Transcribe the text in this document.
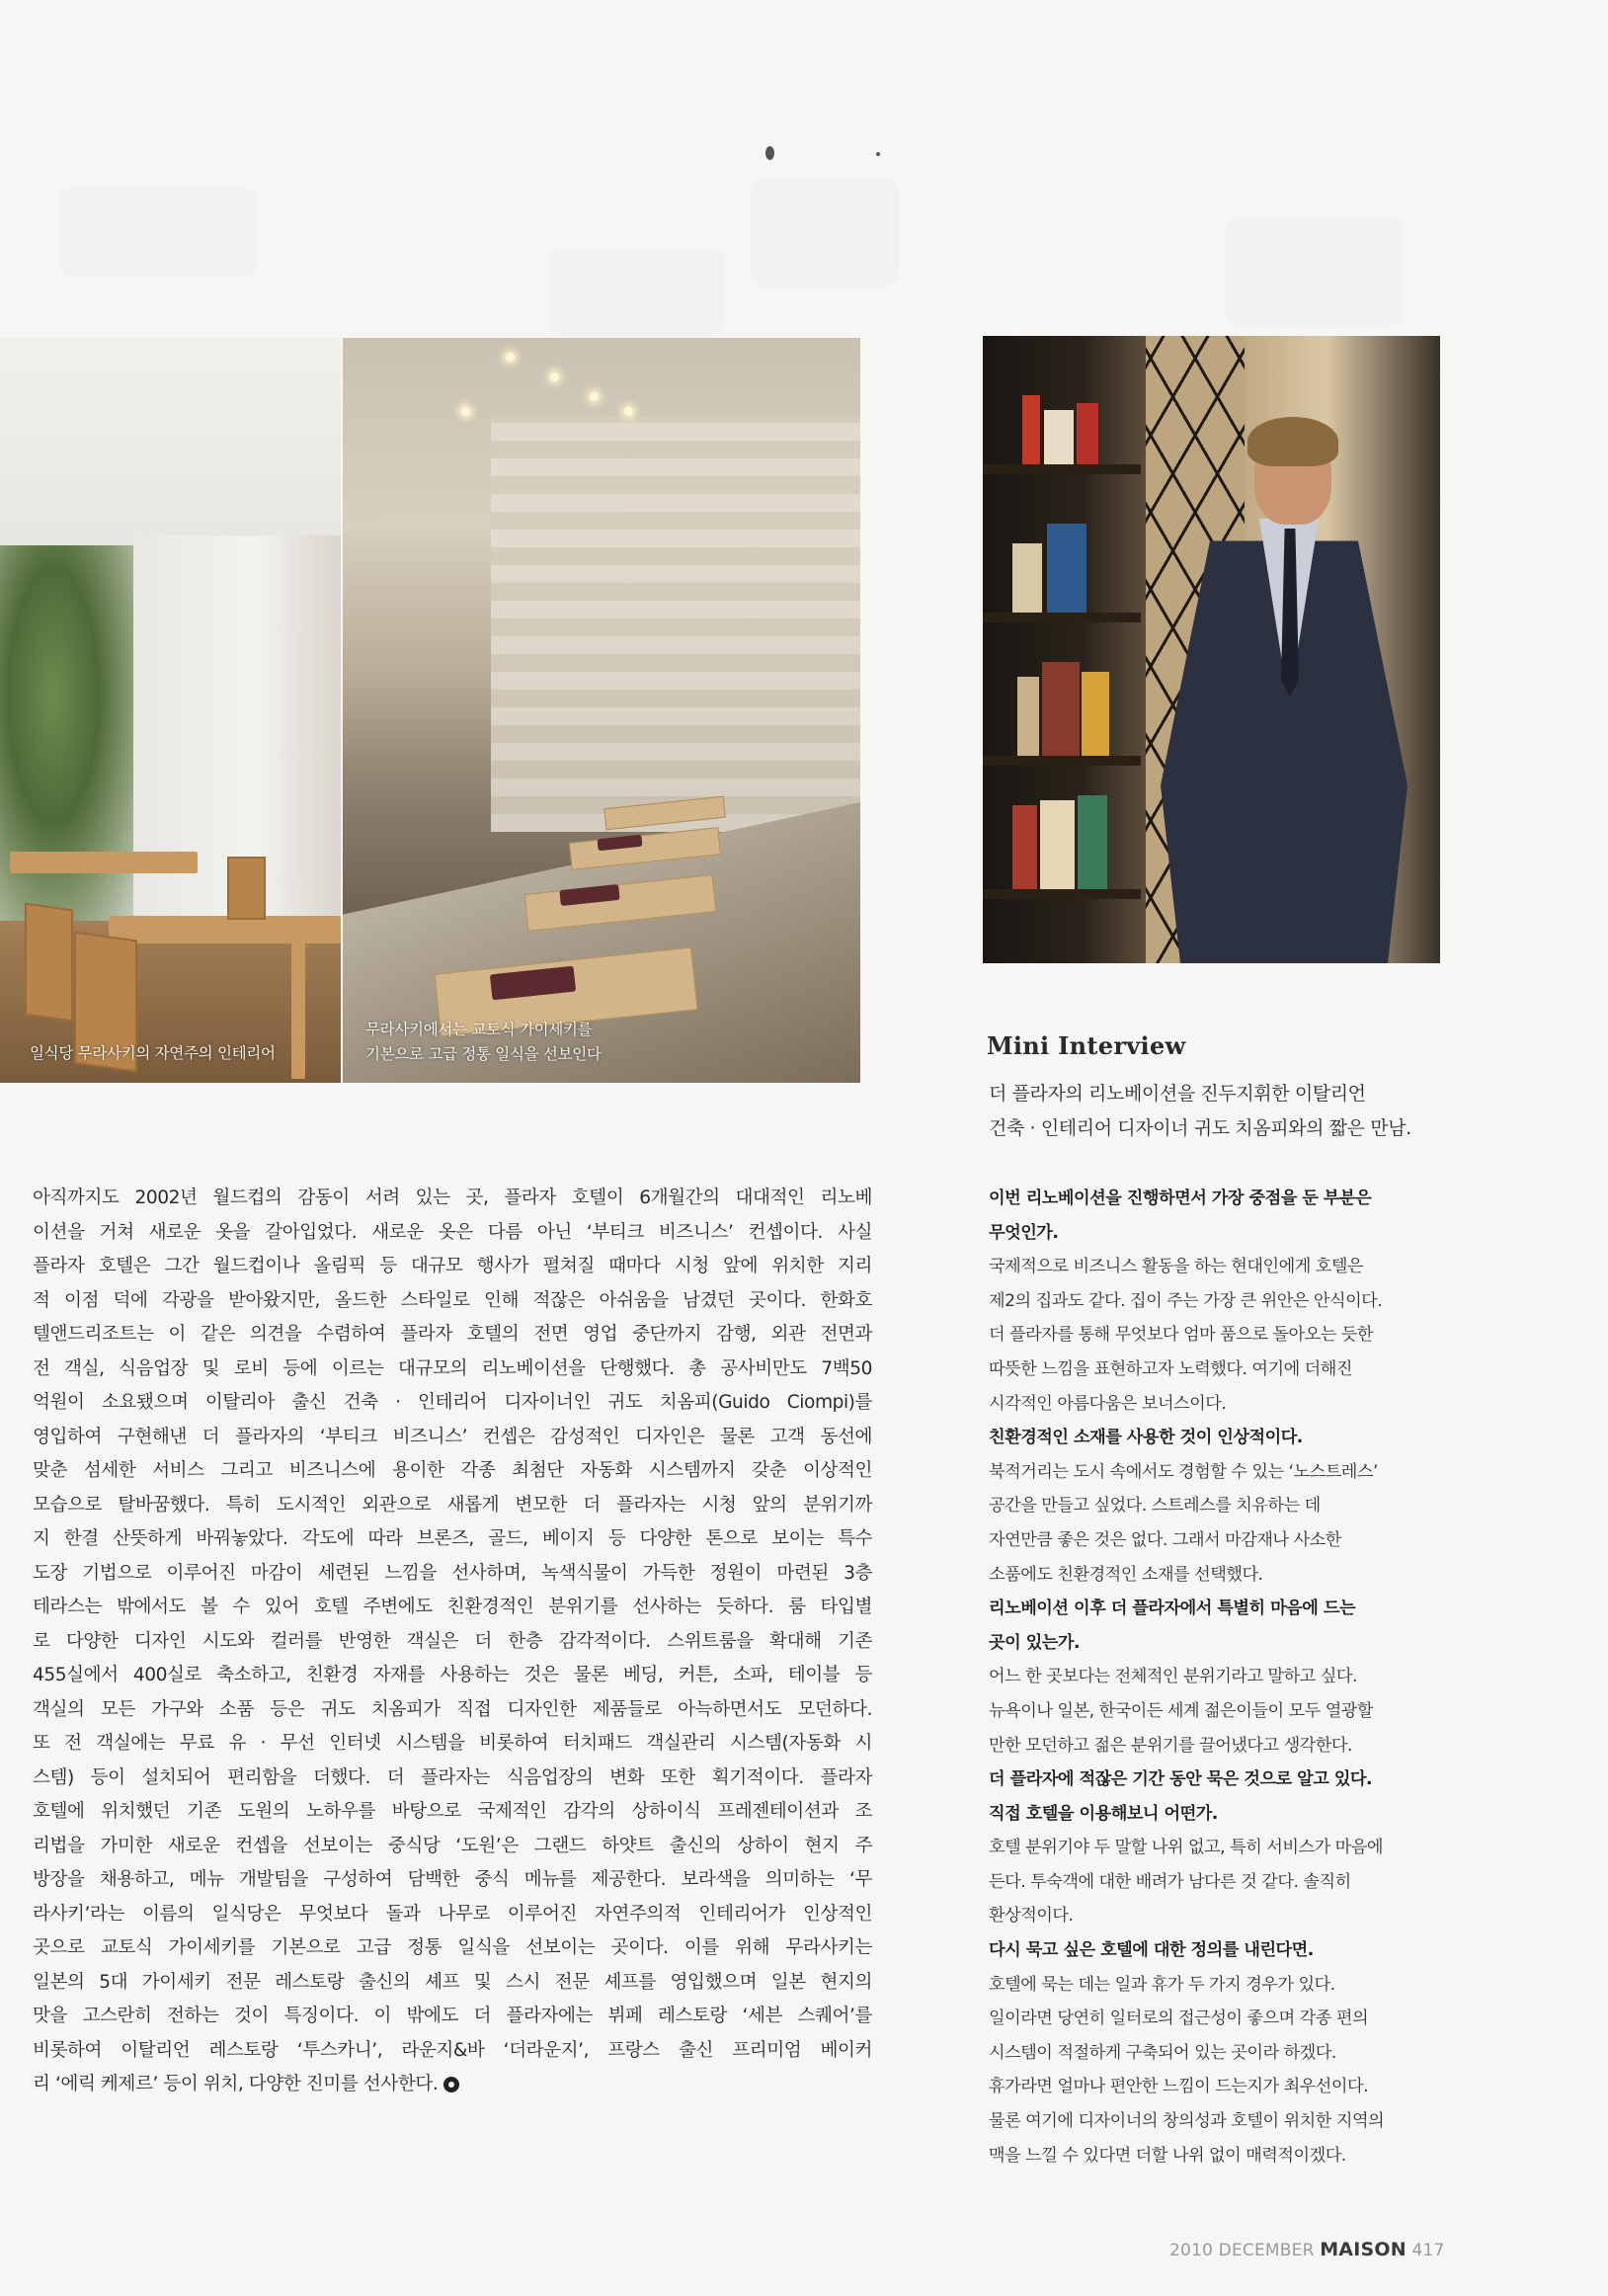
일식당 무라사키의 자연주의 인테리어
무라사키에서는 교토식 가이세키를
기본으로 고급 정통 일식을 선보인다
아직까지도 2002년 월드컵의 감동이 서려 있는 곳, 플라자 호텔이 6개월간의 대대적인 리노베
이션을 거쳐 새로운 옷을 갈아입었다. 새로운 옷은 다름 아닌 ‘부티크 비즈니스’ 컨셉이다. 사실
플라자 호텔은 그간 월드컵이나 올림픽 등 대규모 행사가 펼쳐질 때마다 시청 앞에 위치한 지리
적 이점 덕에 각광을 받아왔지만, 올드한 스타일로 인해 적잖은 아쉬움을 남겼던 곳이다. 한화호
텔앤드리조트는 이 같은 의견을 수렴하여 플라자 호텔의 전면 영업 중단까지 감행, 외관 전면과
전 객실, 식음업장 및 로비 등에 이르는 대규모의 리노베이션을 단행했다. 총 공사비만도 7백50
억원이 소요됐으며 이탈리아 출신 건축 · 인테리어 디자이너인 귀도 치옴피(Guido Ciompi)를
영입하여 구현해낸 더 플라자의 ‘부티크 비즈니스’ 컨셉은 감성적인 디자인은 물론 고객 동선에
맞춘 섬세한 서비스 그리고 비즈니스에 용이한 각종 최첨단 자동화 시스템까지 갖춘 이상적인
모습으로 탈바꿈했다. 특히 도시적인 외관으로 새롭게 변모한 더 플라자는 시청 앞의 분위기까
지 한결 산뜻하게 바꿔놓았다. 각도에 따라 브론즈, 골드, 베이지 등 다양한 톤으로 보이는 특수
도장 기법으로 이루어진 마감이 세련된 느낌을 선사하며, 녹색식물이 가득한 정원이 마련된 3층
테라스는 밖에서도 볼 수 있어 호텔 주변에도 친환경적인 분위기를 선사하는 듯하다. 룸 타입별
로 다양한 디자인 시도와 컬러를 반영한 객실은 더 한층 감각적이다. 스위트룸을 확대해 기존
455실에서 400실로 축소하고, 친환경 자재를 사용하는 것은 물론 베딩, 커튼, 소파, 테이블 등
객실의 모든 가구와 소품 등은 귀도 치옴피가 직접 디자인한 제품들로 아늑하면서도 모던하다.
또 전 객실에는 무료 유 · 무선 인터넷 시스템을 비롯하여 터치패드 객실관리 시스템(자동화 시
스템) 등이 설치되어 편리함을 더했다. 더 플라자는 식음업장의 변화 또한 획기적이다. 플라자
호텔에 위치했던 기존 도원의 노하우를 바탕으로 국제적인 감각의 상하이식 프레젠테이션과 조
리법을 가미한 새로운 컨셉을 선보이는 중식당 ‘도원’은 그랜드 하얏트 출신의 상하이 현지 주
방장을 채용하고, 메뉴 개발팀을 구성하여 담백한 중식 메뉴를 제공한다. 보라색을 의미하는 ‘무
라사키’라는 이름의 일식당은 무엇보다 돌과 나무로 이루어진 자연주의적 인테리어가 인상적인
곳으로 교토식 가이세키를 기본으로 고급 정통 일식을 선보이는 곳이다. 이를 위해 무라사키는
일본의 5대 가이세키 전문 레스토랑 출신의 셰프 및 스시 전문 셰프를 영입했으며 일본 현지의
맛을 고스란히 전하는 것이 특징이다. 이 밖에도 더 플라자에는 뷔페 레스토랑 ‘세븐 스퀘어’를
비롯하여 이탈리언 레스토랑 ‘투스카니’, 라운지&바 ‘더라운지’, 프랑스 출신 프리미엄 베이커
리 ‘에릭 케제르’ 등이 위치, 다양한 진미를 선사한다.
Mini Interview
더 플라자의 리노베이션을 진두지휘한 이탈리언
건축 · 인테리어 디자이너 귀도 치옴피와의 짧은 만남.
이번 리노베이션을 진행하면서 가장 중점을 둔 부분은
무엇인가.
국제적으로 비즈니스 활동을 하는 현대인에게 호텔은
제2의 집과도 같다. 집이 주는 가장 큰 위안은 안식이다.
더 플라자를 통해 무엇보다 엄마 품으로 돌아오는 듯한
따뜻한 느낌을 표현하고자 노력했다. 여기에 더해진
시각적인 아름다움은 보너스이다.
친환경적인 소재를 사용한 것이 인상적이다.
북적거리는 도시 속에서도 경험할 수 있는 ‘노스트레스’
공간을 만들고 싶었다. 스트레스를 치유하는 데
자연만큼 좋은 것은 없다. 그래서 마감재나 사소한
소품에도 친환경적인 소재를 선택했다.
리노베이션 이후 더 플라자에서 특별히 마음에 드는
곳이 있는가.
어느 한 곳보다는 전체적인 분위기라고 말하고 싶다.
뉴욕이나 일본, 한국이든 세계 젊은이들이 모두 열광할
만한 모던하고 젊은 분위기를 끌어냈다고 생각한다.
더 플라자에 적잖은 기간 동안 묵은 것으로 알고 있다.
직접 호텔을 이용해보니 어떤가.
호텔 분위기야 두 말할 나위 없고, 특히 서비스가 마음에
든다. 투숙객에 대한 배려가 남다른 것 같다. 솔직히
환상적이다.
다시 묵고 싶은 호텔에 대한 정의를 내린다면.
호텔에 묵는 데는 일과 휴가 두 가지 경우가 있다.
일이라면 당연히 일터로의 접근성이 좋으며 각종 편의
시스템이 적절하게 구축되어 있는 곳이라 하겠다.
휴가라면 얼마나 편안한 느낌이 드는지가 최우선이다.
물론 여기에 디자이너의 창의성과 호텔이 위치한 지역의
맥을 느낄 수 있다면 더할 나위 없이 매력적이겠다.
2010 DECEMBER MAISON 417
